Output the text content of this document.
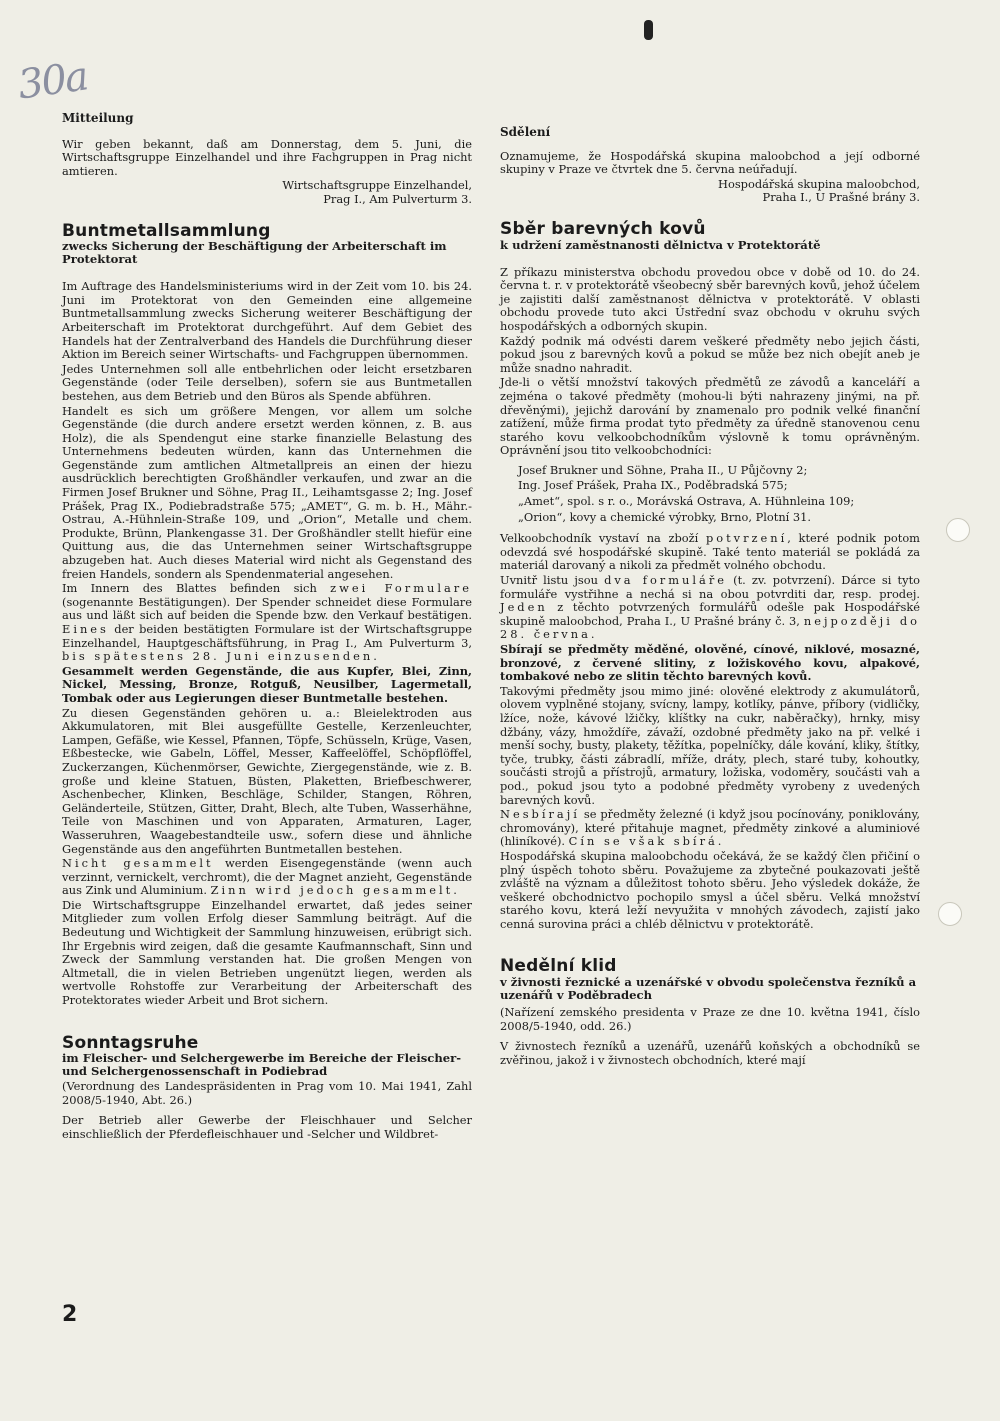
30a
Mitteilung

Wir geben bekannt, daß am Donnerstag, dem 5. Juni, die Wirtschaftsgruppe Einzelhandel und ihre Fachgruppen in Prag nicht amtieren.

Wirtschaftsgruppe Einzelhandel,

Prag I., Am Pulverturm 3.

Buntmetallsammlung
zwecks Sicherung der Beschäftigung der Arbeiterschaft im Protektorat

Im Auftrage des Handelsministeriums wird in der Zeit vom 10. bis 24. Juni im Protektorat von den Gemeinden eine allgemeine Buntmetallsammlung zwecks Sicherung weiterer Beschäftigung der Arbeiterschaft im Protektorat durchgeführt. Auf dem Gebiet des Handels hat der Zentralverband des Handels die Durchführung dieser Aktion im Bereich seiner Wirtschafts- und Fachgruppen übernommen.

Jedes Unternehmen soll alle entbehrlichen oder leicht ersetzbaren Gegenstände (oder Teile derselben), sofern sie aus Buntmetallen bestehen, aus dem Betrieb und den Büros als Spende abführen.

Handelt es sich um größere Mengen, vor allem um solche Gegenstände (die durch andere ersetzt werden können, z. B. aus Holz), die als Spendengut eine starke finanzielle Belastung des Unternehmens bedeuten würden, kann das Unternehmen die Gegenstände zum amtlichen Altmetallpreis an einen der hiezu ausdrücklich berechtigten Großhändler verkaufen, und zwar an die Firmen Josef Brukner und Söhne, Prag II., Leihamtsgasse 2; Ing. Josef Prášek, Prag IX., Podiebradstraße 575; „AMET“, G. m. b. H., Mähr.-Ostrau, A.-Hühnlein-Straße 109, und „Orion“, Metalle und chem. Produkte, Brünn, Plankengasse 31. Der Großhändler stellt hiefür eine Quittung aus, die das Unternehmen seiner Wirtschaftsgruppe abzugeben hat. Auch dieses Material wird nicht als Gegenstand des freien Handels, sondern als Spendenmaterial angesehen.

Im Innern des Blattes befinden sich zwei Formulare (sogenannte Bestätigungen). Der Spender schneidet diese Formulare aus und läßt sich auf beiden die Spende bzw. den Verkauf bestätigen. Eines der beiden bestätigten Formulare ist der Wirtschaftsgruppe Einzelhandel, Hauptgeschäftsführung, in Prag I., Am Pulverturm 3, bis spätestens 28. Juni einzusenden.

Gesammelt werden Gegenstände, die aus Kupfer, Blei, Zinn, Nickel, Messing, Bronze, Rotguß, Neusilber, Lagermetall, Tombak oder aus Legierungen dieser Buntmetalle bestehen.

Zu diesen Gegenständen gehören u. a.: Bleielektroden aus Akkumulatoren, mit Blei ausgefüllte Gestelle, Kerzenleuchter, Lampen, Gefäße, wie Kessel, Pfannen, Töpfe, Schüsseln, Krüge, Vasen, Eßbestecke, wie Gabeln, Löffel, Messer, Kaffeelöffel, Schöpflöffel, Zuckerzangen, Küchenmörser, Gewichte, Ziergegenstände, wie z. B. große und kleine Statuen, Büsten, Plaketten, Briefbeschwerer, Aschenbecher, Klinken, Beschläge, Schilder, Stangen, Röhren, Geländerteile, Stützen, Gitter, Draht, Blech, alte Tuben, Wasserhähne, Teile von Maschinen und von Apparaten, Armaturen, Lager, Wasseruhren, Waagebestandteile usw., sofern diese und ähnliche Gegenstände aus den angeführten Buntmetallen bestehen.

Nicht gesammelt werden Eisengegenstände (wenn auch verzinnt, vernickelt, verchromt), die der Magnet anzieht, Gegenstände aus Zink und Aluminium. Zinn wird jedoch gesammelt.

Die Wirtschaftsgruppe Einzelhandel erwartet, daß jedes seiner Mitglieder zum vollen Erfolg dieser Sammlung beiträgt. Auf die Bedeutung und Wichtigkeit der Sammlung hinzuweisen, erübrigt sich. Ihr Ergebnis wird zeigen, daß die gesamte Kaufmannschaft, Sinn und Zweck der Sammlung verstanden hat. Die großen Mengen von Altmetall, die in vielen Betrieben ungenützt liegen, werden als wertvolle Rohstoffe zur Verarbeitung der Arbeiterschaft des Protektorates wieder Arbeit und Brot sichern.

Sonntagsruhe
im Fleischer- und Selchergewerbe im Bereiche der Fleischer- und Selchergenossenschaft in Podiebrad

(Verordnung des Landespräsidenten in Prag vom 10. Mai 1941, Zahl 2008/5-1940, Abt. 26.)

Der Betrieb aller Gewerbe der Fleischhauer und Selcher einschließlich der Pferdefleischhauer und -Selcher und Wildbret-

Sdělení

Oznamujeme, že Hospodářská skupina maloobchod a její odborné skupiny v Praze ve čtvrtek dne 5. června neúřadují.

Hospodářská skupina maloobchod,

Praha I., U Prašné brány 3.

Sběr barevných kovů
k udržení zaměstnanosti dělnictva v Protektorátě

Z příkazu ministerstva obchodu provedou obce v době od 10. do 24. června t. r. v protektorátě všeobecný sběr barevných kovů, jehož účelem je zajistiti další zaměstnanost dělnictva v protektorátě. V oblasti obchodu provede tuto akci Ústřední svaz obchodu v okruhu svých hospodářských a odborných skupin.

Každý podnik má odvésti darem veškeré předměty nebo jejich části, pokud jsou z barevných kovů a pokud se může bez nich obejít aneb je může snadno nahradit.

Jde-li o větší množství takových předmětů ze závodů a kanceláří a zejména o takové předměty (mohou-li býti nahrazeny jinými, na př. dřevěnými), jejichž darování by znamenalo pro podnik velké finanční zatížení, může firma prodat tyto předměty za úředně stanovenou cenu starého kovu velkoobchodníkům výslovně k tomu oprávněným. Oprávnění jsou tito velkoobchodníci:

Josef Brukner und Söhne, Praha II., U Půjčovny 2;
Ing. Josef Prášek, Praha IX., Poděbradská 575;
„Amet“, spol. s r. o., Morávská Ostrava, A. Hühnleina 109;
„Orion“, kovy a chemické výrobky, Brno, Plotní 31.

Velkoobchodník vystaví na zboží potvrzení, které podnik potom odevzdá své hospodářské skupině. Také tento materiál se pokládá za materiál darovaný a nikoli za předmět volného obchodu.

Uvnitř listu jsou dva formuláře (t. zv. potvrzení). Dárce si tyto formuláře vystřihne a nechá si na obou potvrditi dar, resp. prodej. Jeden z těchto potvrzených formulářů odešle pak Hospodářské skupině maloobchod, Praha I., U Prašné brány č. 3, nejpozději do 28. června.

Sbírají se předměty měděné, olověné, cínové, niklové, mosazné, bronzové, z červené slitiny, z ložiskového kovu, alpakové, tombakové nebo ze slitin těchto barevných kovů.

Takovými předměty jsou mimo jiné: olověné elektrody z akumulátorů, olovem vyplněné stojany, svícny, lampy, kotlíky, pánve, příbory (vidličky, lžíce, nože, kávové lžičky, klíštky na cukr, naběračky), hrnky, misy džbány, vázy, hmoždíře, závaží, ozdobné předměty jako na př. velké i menší sochy, busty, plakety, těžítka, popelníčky, dále kování, kliky, štítky, tyče, trubky, části zábradlí, mříže, dráty, plech, staré tuby, kohoutky, součásti strojů a přístrojů, armatury, ložiska, vodoměry, součásti vah a pod., pokud jsou tyto a podobné předměty vyrobeny z uvedených barevných kovů.

Nesbírají se předměty železné (i když jsou pocínovány, poniklovány, chromovány), které přitahuje magnet, předměty zinkové a aluminiové (hliníkové). Cín se však sbírá.

Hospodářská skupina maloobchodu očekává, že se každý člen přičiní o plný úspěch tohoto sběru. Považujeme za zbytečné poukazovati ještě zvláště na význam a důležitost tohoto sběru. Jeho výsledek dokáže, že veškeré obchodnictvo pochopilo smysl a účel sběru. Velká množství starého kovu, která leží nevyužita v mnohých závodech, zajistí jako cenná surovina práci a chléb dělnictvu v protektorátě.

Nedělní klid
v živnosti řeznické a uzenářské v obvodu společenstva řezníků a uzenářů v Poděbradech

(Nařízení zemského presidenta v Praze ze dne 10. května 1941, číslo 2008/5-1940, odd. 26.)

V živnostech řezníků a uzenářů, uzenářů koňských a obchodníků se zvěřinou, jakož i v živnostech obchodních, které mají

2
